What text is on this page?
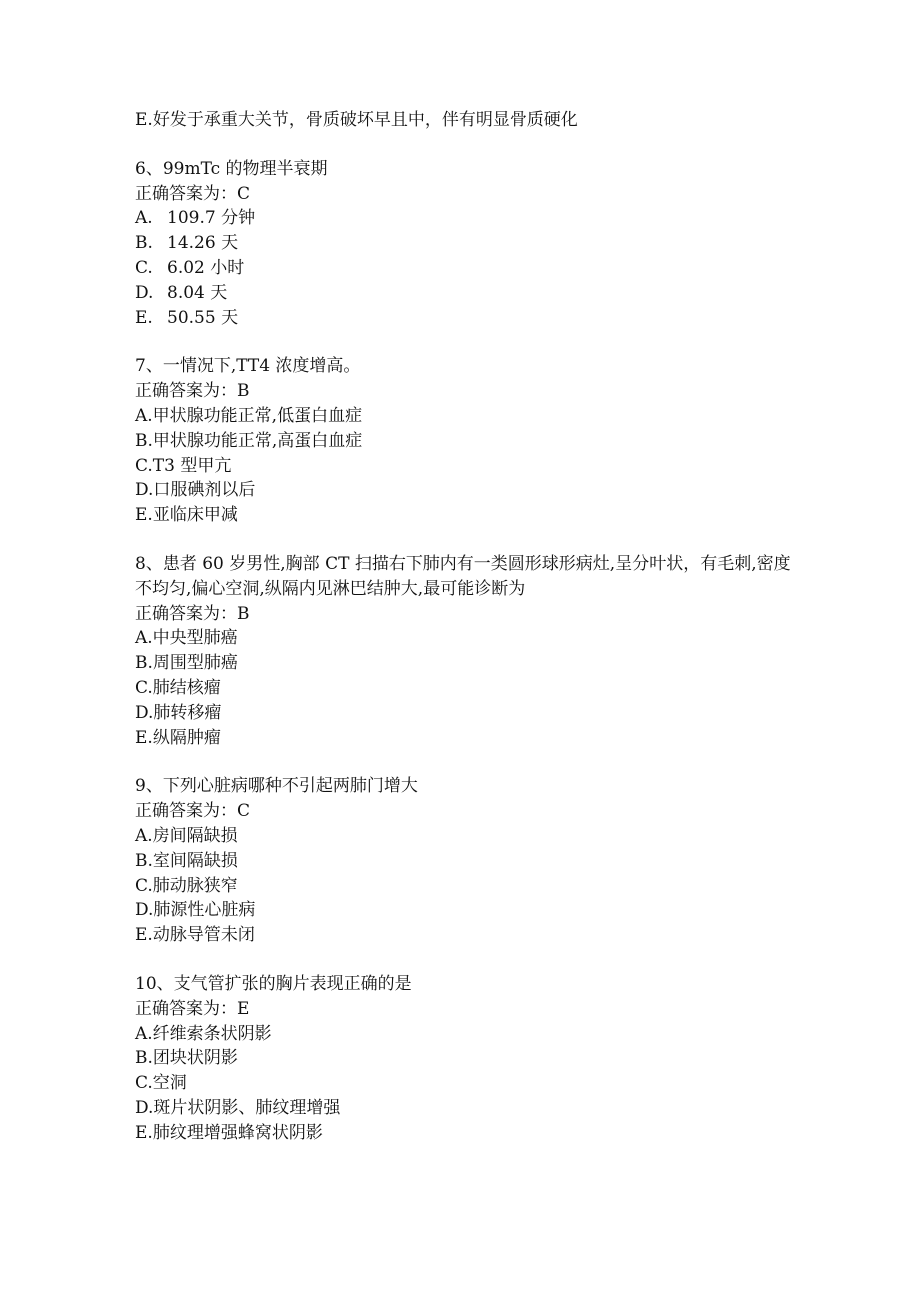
E.好发于承重大关节，骨质破坏早且中，伴有明显骨质硬化
6、99mTc 的物理半衰期
正确答案为：C
A. 109.7 分钟
B. 14.26 天
C. 6.02 小时
D. 8.04 天
E. 50.55 天
7、一情况下,TT4 浓度增高。
正确答案为：B
A.甲状腺功能正常,低蛋白血症
B.甲状腺功能正常,高蛋白血症
C.T3 型甲亢
D.口服碘剂以后
E.亚临床甲减
8、患者 60 岁男性,胸部 CT 扫描右下肺内有一类圆形球形病灶,呈分叶状，有毛刺,密度不均匀,偏心空洞,纵隔内见淋巴结肿大,最可能诊断为
正确答案为：B
A.中央型肺癌
B.周围型肺癌
C.肺结核瘤
D.肺转移瘤
E.纵隔肿瘤
9、下列心脏病哪种不引起两肺门增大
正确答案为：C
A.房间隔缺损
B.室间隔缺损
C.肺动脉狭窄
D.肺源性心脏病
E.动脉导管未闭
10、支气管扩张的胸片表现正确的是
正确答案为：E
A.纤维索条状阴影
B.团块状阴影
C.空洞
D.斑片状阴影、肺纹理增强
E.肺纹理增强蜂窝状阴影
